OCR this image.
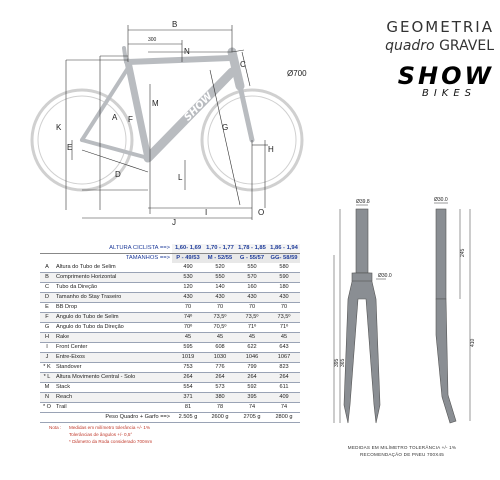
GEOMETRIA
quadro GRAVEL
SHOW
BIKES
SHOW
B
300
N
C
Ø700
M
E
G
A F
K
H
D	L
J
I	O
Ø39.8
Ø30.0
Ø30.0
245
410
365
395
ALTURA CICLISTA ==>		1,60- 1,69	1,70 - 1,77	1,78 - 1,85	1,86 - 1,94
TAMANHOS ==>		P - 49/53	M - 52/55	G - 55/57	GG- 58/59
A	Altura do Tubo de Selim	490	520	550	580
B	Comprimento Horizontal	530	550	570	590
C	Tubo da Direção	120	140	160	180
D	Tamanho do Stay Traseiro	430	430	430	430
E	BB Drop	70	70	70	70
F	Angulo do Tubo de Selim	74º	73,5º	73,5º	73,5º
G	Angulo do Tubo da Direção	70º	70,5º	71º	71º
H	Rake	45	45	45	45
I	Front Center	595	608	622	643
J	Entre-Eixos	1019	1030	1046	1067
* K	Standover	753	776	799	823
* L	Altura Movimento Central - Solo	264	264	264	264
M	Stack	554	573	592	611
N	Reach	371	380	395	409
* O	Trail	81	78	74	74
Peso Quadro + Garfo ==>		2.505 g	2600 g	2705 g	2800 g
Nota : Medidas em milímetro tolerância +/- 1%
Tolerâncias de ângulos +/- 0,5°
* Diâmetro da Roda considerado 700mm
MEDIDAS EM MILÍMETRO TOLERÂNCIA +/- 1%
RECOMENDAÇÃO DE PNEU 700X45
